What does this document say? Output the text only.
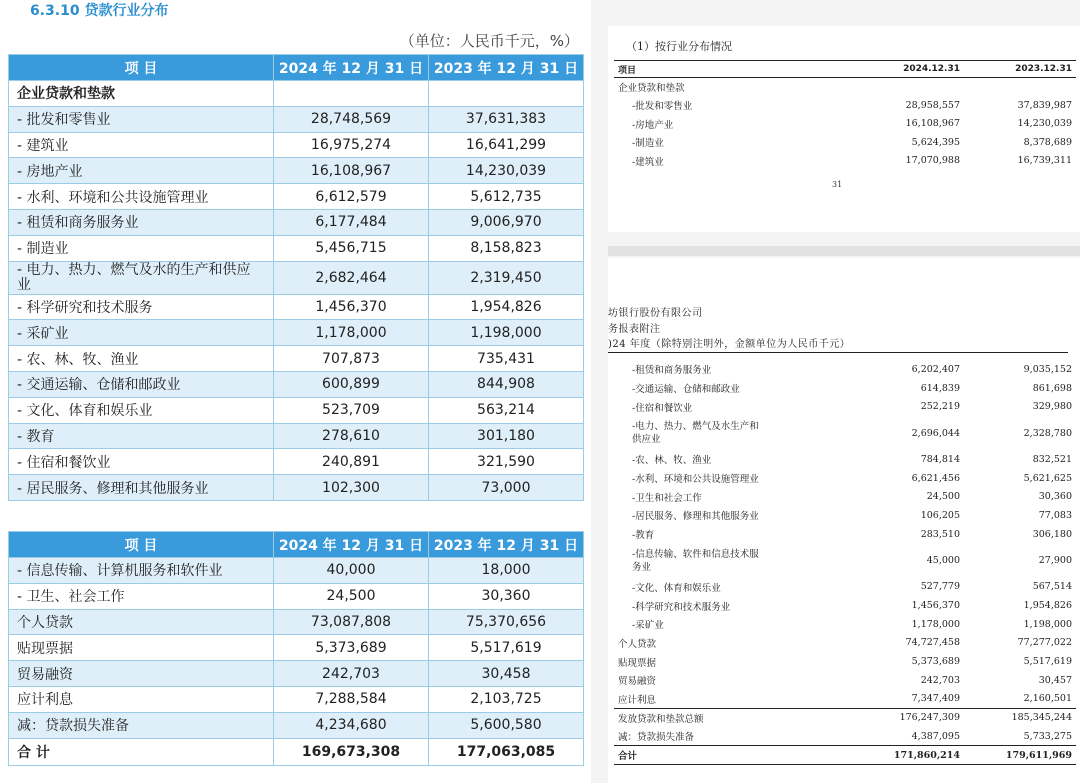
6.3.10 贷款行业分布
（单位：人民币千元，%）
项 目	2024 年 12 月 31 日	2023 年 12 月 31 日
企业贷款和垫款		
- 批发和零售业	28,748,569	37,631,383
- 建筑业	16,975,274	16,641,299
- 房地产业	16,108,967	14,230,039
- 水利、环境和公共设施管理业	6,612,579	5,612,735
- 租赁和商务服务业	6,177,484	9,006,970
- 制造业	5,456,715	8,158,823

- 电力、热力、燃气及水的生产和供应
业	2,682,464	2,319,450
- 科学研究和技术服务	1,456,370	1,954,826
- 采矿业	1,178,000	1,198,000
- 农、林、牧、渔业	707,873	735,431
- 交通运输、仓储和邮政业	600,899	844,908
- 文化、体育和娱乐业	523,709	563,214
- 教育	278,610	301,180
- 住宿和餐饮业	240,891	321,590
- 居民服务、修理和其他服务业	102,300	73,000
项 目	2024 年 12 月 31 日	2023 年 12 月 31 日
- 信息传输、计算机服务和软件业	40,000	18,000
- 卫生、社会工作	24,500	30,360
个人贷款	73,087,808	75,370,656
贴现票据	5,373,689	5,517,619
贸易融资	242,703	30,458
应计利息	7,288,584	2,103,725
减：贷款损失准备	4,234,680	5,600,580
合 计	169,673,308	177,063,085
（1）按行业分布情况
项目	2024.12.31	2023.12.31
企业贷款和垫款		
-批发和零售业	28,958,557	37,839,987
-房地产业	16,108,967	14,230,039
-制造业	5,624,395	8,378,689
-建筑业	17,070,988	16,739,311
31
坊银行股份有限公司
务报表附注
)24 年度（除特别注明外，金额单位为人民币千元）
-租赁和商务服务业	6,202,407	9,035,152
-交通运输、仓储和邮政业	614,839	861,698
-住宿和餐饮业	252,219	329,980

-电力、热力、燃气及水生产和
供应业	2,696,044	2,328,780
-农、林、牧、渔业	784,814	832,521
-水利、环境和公共设施管理业	6,621,456	5,621,625
-卫生和社会工作	24,500	30,360
-居民服务、修理和其他服务业	106,205	77,083
-教育	283,510	306,180

-信息传输、软件和信息技术服
务业	45,000	27,900
-文化、体育和娱乐业	527,779	567,514
-科学研究和技术服务业	1,456,370	1,954,826
-采矿业	1,178,000	1,198,000
个人贷款	74,727,458	77,277,022
贴现票据	5,373,689	5,517,619
贸易融资	242,703	30,457
应计利息	7,347,409	2,160,501
发放贷款和垫款总额	176,247,309	185,345,244
减：贷款损失准备	4,387,095	5,733,275
合计	171,860,214	179,611,969
